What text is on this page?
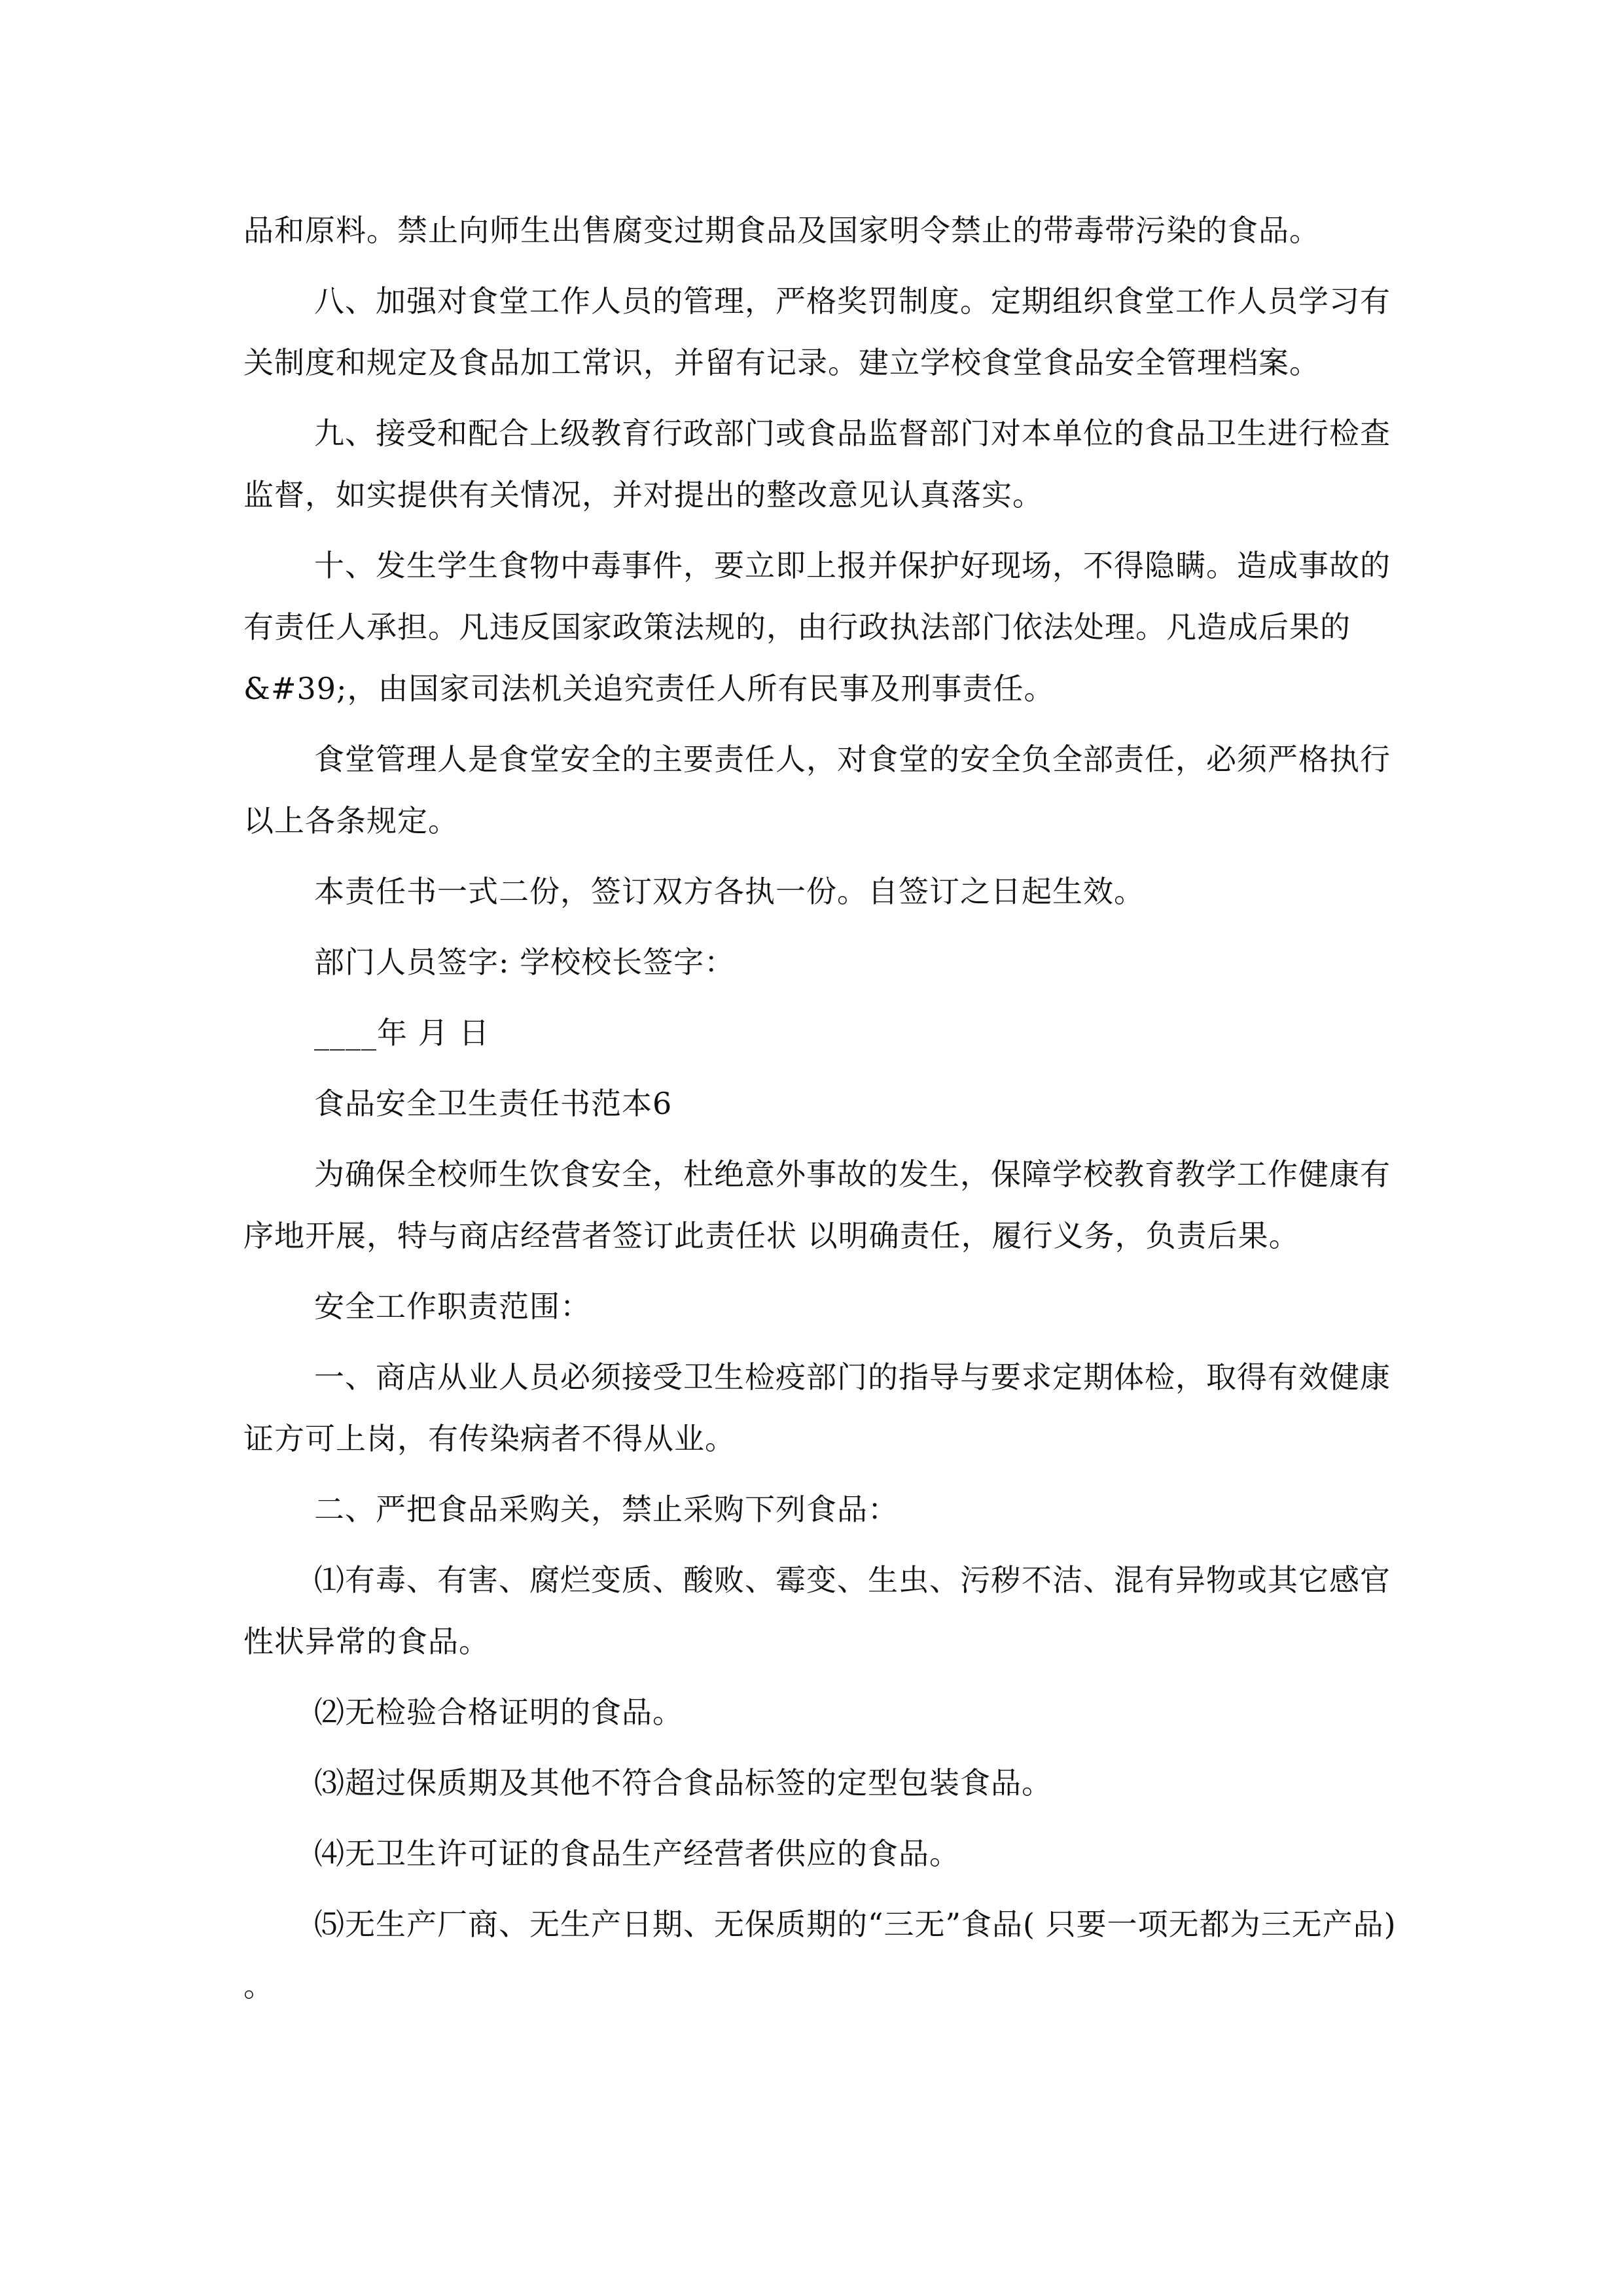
品和原料。禁止向师生出售腐变过期食品及国家明令禁止的带毒带污染的食品。

八、加强对食堂工作人员的管理，严格奖罚制度。定期组织食堂工作人员学习有关制度和规定及食品加工常识，并留有记录。建立学校食堂食品安全管理档案。

九、接受和配合上级教育行政部门或食品监督部门对本单位的食品卫生进行检查监督，如实提供有关情况，并对提出的整改意见认真落实。

十、发生学生食物中毒事件，要立即上报并保护好现场，不得隐瞒。造成事故的有责任人承担。凡违反国家政策法规的，由行政执法部门依法处理。凡造成后果的&#39;，由国家司法机关追究责任人所有民事及刑事责任。

食堂管理人是食堂安全的主要责任人，对食堂的安全负全部责任，必须严格执行以上各条规定。

本责任书一式二份，签订双方各执一份。自签订之日起生效。

部门人员签字: 学校校长签字：

____年 月 日

食品安全卫生责任书范本6

为确保全校师生饮食安全，杜绝意外事故的发生，保障学校教育教学工作健康有序地开展，特与商店经营者签订此责任状 以明确责任，履行义务，负责后果。

安全工作职责范围：

一、商店从业人员必须接受卫生检疫部门的指导与要求定期体检，取得有效健康证方可上岗，有传染病者不得从业。

二、严把食品采购关，禁止采购下列食品：

⑴有毒、有害、腐烂变质、酸败、霉变、生虫、污秽不洁、混有异物或其它感官性状异常的食品。

⑵无检验合格证明的食品。

⑶超过保质期及其他不符合食品标签的定型包装食品。

⑷无卫生许可证的食品生产经营者供应的食品。

⑸无生产厂商、无生产日期、无保质期的“三无”食品( 只要一项无都为三无产品) 。
